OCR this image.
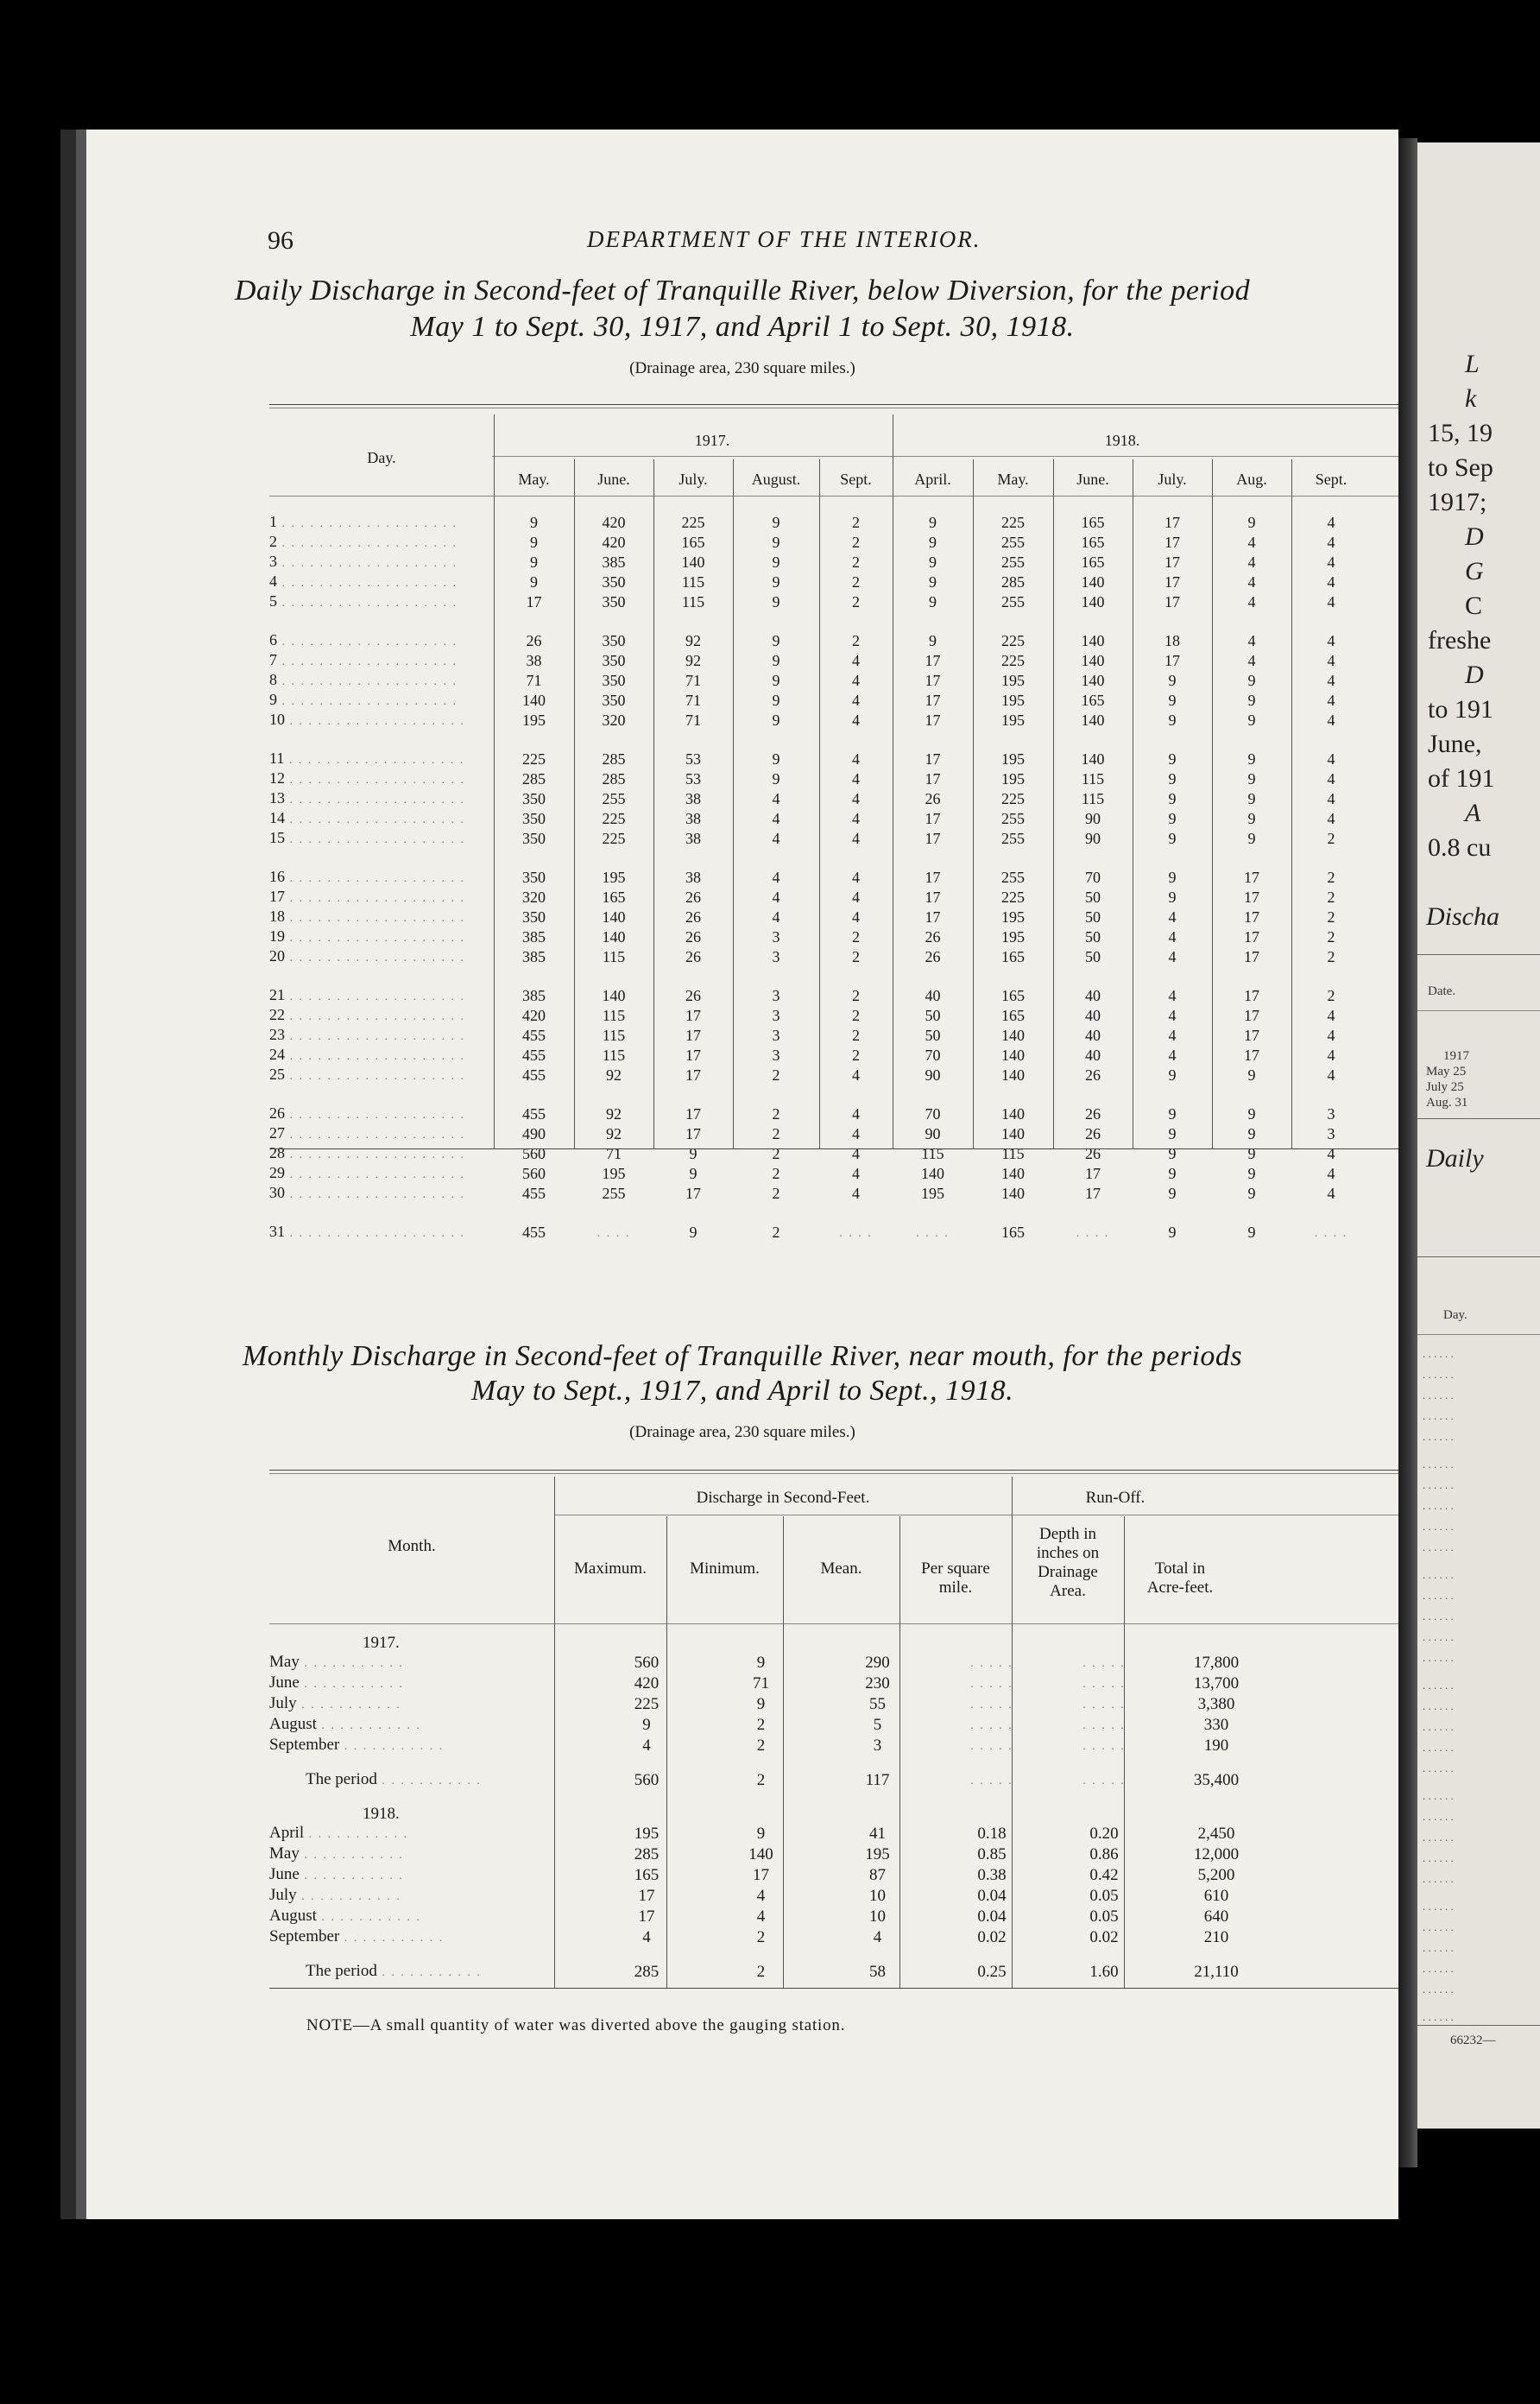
96	DEPARTMENT OF THE INTERIOR.
Daily Discharge in Second-feet of Tranquille River, below Diversion, for the period
May 1 to Sept. 30, 1917, and April 1 to Sept. 30, 1918.
(Drainage area, 230 square miles.)
Day.
1917.	1918.
May.	June.	July.	August.	Sept.	April.	May.	June.	July.	Aug.	Sept.
1 . . . . . . . . . . . . . . . . . . .	9	420	225	9	2	9	225	165	17	9	4
2 . . . . . . . . . . . . . . . . . . .	9	420	165	9	2	9	255	165	17	4	4
3 . . . . . . . . . . . . . . . . . . .	9	385	140	9	2	9	255	165	17	4	4
4 . . . . . . . . . . . . . . . . . . .	9	350	115	9	2	9	285	140	17	4	4
5 . . . . . . . . . . . . . . . . . . .	17	350	115	9	2	9	255	140	17	4	4

6 . . . . . . . . . . . . . . . . . . .	26	350	92	9	2	9	225	140	18	4	4
7 . . . . . . . . . . . . . . . . . . .	38	350	92	9	4	17	225	140	17	4	4
8 . . . . . . . . . . . . . . . . . . .	71	350	71	9	4	17	195	140	9	9	4
9 . . . . . . . . . . . . . . . . . . .	140	350	71	9	4	17	195	165	9	9	4
10 . . . . . . . . . . . . . . . . . . .	195	320	71	9	4	17	195	140	9	9	4

11 . . . . . . . . . . . . . . . . . . .	225	285	53	9	4	17	195	140	9	9	4
12 . . . . . . . . . . . . . . . . . . .	285	285	53	9	4	17	195	115	9	9	4
13 . . . . . . . . . . . . . . . . . . .	350	255	38	4	4	26	225	115	9	9	4
14 . . . . . . . . . . . . . . . . . . .	350	225	38	4	4	17	255	90	9	9	4
15 . . . . . . . . . . . . . . . . . . .	350	225	38	4	4	17	255	90	9	9	2

16 . . . . . . . . . . . . . . . . . . .	350	195	38	4	4	17	255	70	9	17	2
17 . . . . . . . . . . . . . . . . . . .	320	165	26	4	4	17	225	50	9	17	2
18 . . . . . . . . . . . . . . . . . . .	350	140	26	4	4	17	195	50	4	17	2
19 . . . . . . . . . . . . . . . . . . .	385	140	26	3	2	26	195	50	4	17	2
20 . . . . . . . . . . . . . . . . . . .	385	115	26	3	2	26	165	50	4	17	2

21 . . . . . . . . . . . . . . . . . . .	385	140	26	3	2	40	165	40	4	17	2
22 . . . . . . . . . . . . . . . . . . .	420	115	17	3	2	50	165	40	4	17	4
23 . . . . . . . . . . . . . . . . . . .	455	115	17	3	2	50	140	40	4	17	4
24 . . . . . . . . . . . . . . . . . . .	455	115	17	3	2	70	140	40	4	17	4
25 . . . . . . . . . . . . . . . . . . .	455	92	17	2	4	90	140	26	9	9	4

26 . . . . . . . . . . . . . . . . . . .	455	92	17	2	4	70	140	26	9	9	3
27 . . . . . . . . . . . . . . . . . . .	490	92	17	2	4	90	140	26	9	9	3
28 . . . . . . . . . . . . . . . . . . .	560	71	9	2	4	115	115	26	9	9	4
29 . . . . . . . . . . . . . . . . . . .	560	195	9	2	4	140	140	17	9	9	4
30 . . . . . . . . . . . . . . . . . . .	455	255	17	2	4	195	140	17	9	9	4

31 . . . . . . . . . . . . . . . . . . .	455	. . . .	9	2	. . . .	. . . .	165	. . . .	9	9	. . . .
Monthly Discharge in Second-feet of Tranquille River, near mouth, for the periods
May to Sept., 1917, and April to Sept., 1918.
(Drainage area, 230 square miles.)
Month.
Discharge in Second-Feet.	Run-Off.
Maximum.	Minimum.	Mean.	Per square
mile.
Depth in
inches on
Drainage
Area.
Total in
Acre-feet.
1917.						
May . . . . . . . . . . .	560	9	290	. . . . .	. . . . .	17,800
June . . . . . . . . . . .	420	71	230	. . . . .	. . . . .	13,700
July . . . . . . . . . . .	225	9	55	. . . . .	. . . . .	3,380
August . . . . . . . . . . .	9	2	5	. . . . .	. . . . .	330
September . . . . . . . . . . .	4	2	3	. . . . .	. . . . .	190

The period . . . . . . . . . . .	560	2	117	. . . . .	. . . . .	35,400

1918.						
April . . . . . . . . . . .	195	9	41	0.18	0.20	2,450
May . . . . . . . . . . .	285	140	195	0.85	0.86	12,000
June . . . . . . . . . . .	165	17	87	0.38	0.42	5,200
July . . . . . . . . . . .	17	4	10	0.04	0.05	610
August . . . . . . . . . . .	17	4	10	0.04	0.05	640
September . . . . . . . . . . .	4	2	4	0.02	0.02	210

The period . . . . . . . . . . .	285	2	58	0.25	1.60	21,110

NOTE—A small quantity of water was diverted above the gauging station.
L
k
15, 19
to Sep
1917;
D
G
C
freshe
D
to 191
June,
of 191
A
0.8 cu
Discha
Date.
1917
May 25
July 25
Aug. 31
Daily
Day.
. . . . . .
. . . . . .
. . . . . .
. . . . . .
. . . . . .
. . . . . .
. . . . . .
. . . . . .
. . . . . .
. . . . . .
. . . . . .
. . . . . .
. . . . . .
. . . . . .
. . . . . .
. . . . . .
. . . . . .
. . . . . .
. . . . . .
. . . . . .
. . . . . .
. . . . . .
. . . . . .
. . . . . .
. . . . . .
. . . . . .
. . . . . .
. . . . . .
. . . . . .
. . . . . .
. . . . . .
66232—
